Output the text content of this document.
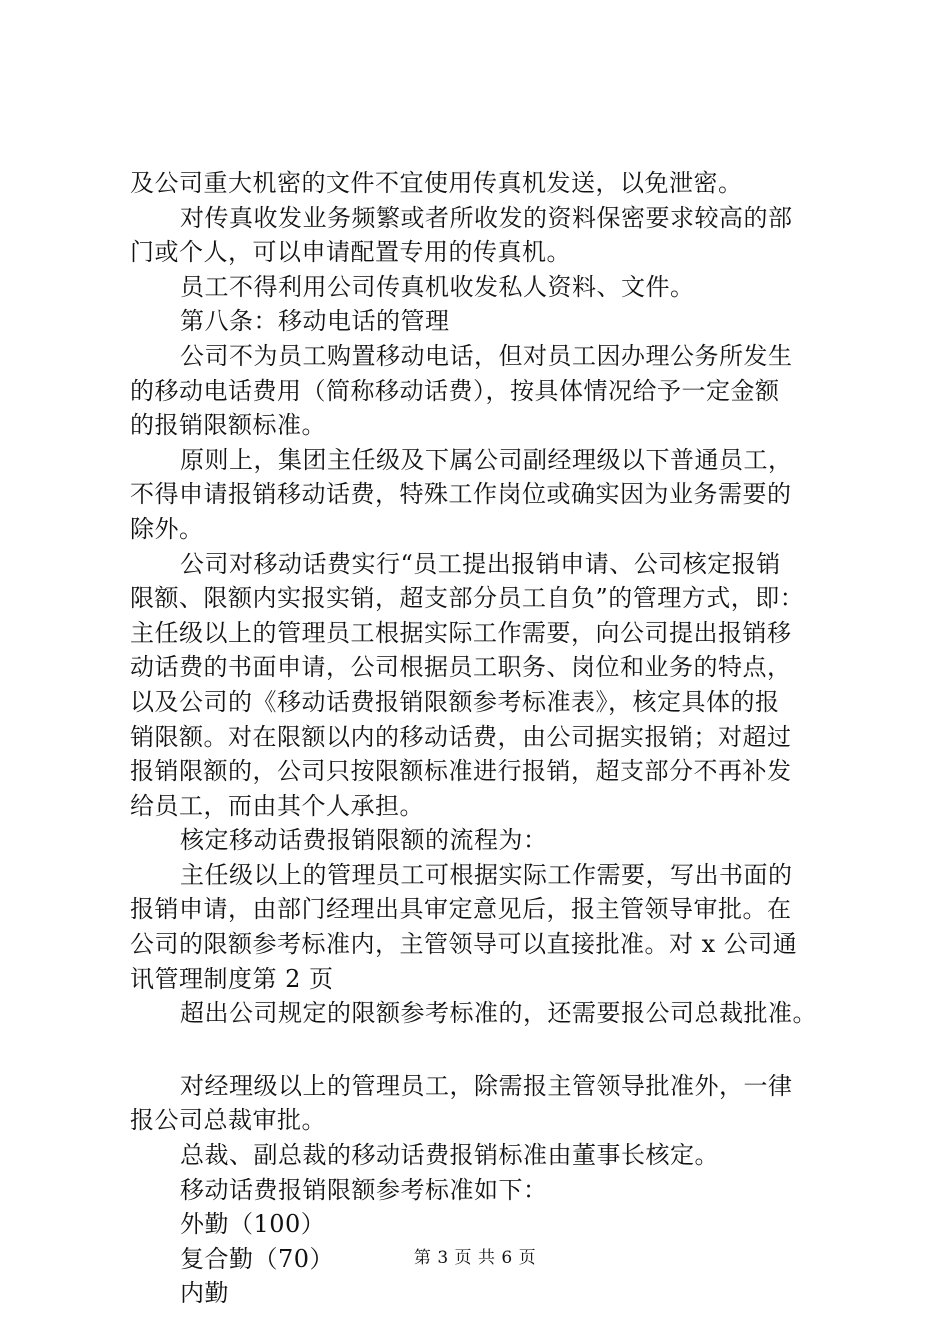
及公司重大机密的文件不宜使用传真机发送，以免泄密。
对传真收发业务频繁或者所收发的资料保密要求较高的部
门或个人，可以申请配置专用的传真机。
员工不得利用公司传真机收发私人资料、文件。
第八条：移动电话的管理
公司不为员工购置移动电话，但对员工因办理公务所发生
的移动电话费用（简称移动话费），按具体情况给予一定金额
的报销限额标准。
原则上，集团主任级及下属公司副经理级以下普通员工，
不得申请报销移动话费，特殊工作岗位或确实因为业务需要的
除外。
公司对移动话费实行“员工提出报销申请、公司核定报销
限额、限额内实报实销，超支部分员工自负”的管理方式，即：
主任级以上的管理员工根据实际工作需要，向公司提出报销移
动话费的书面申请，公司根据员工职务、岗位和业务的特点，
以及公司的《移动话费报销限额参考标准表》，核定具体的报
销限额。对在限额以内的移动话费，由公司据实报销；对超过
报销限额的，公司只按限额标准进行报销，超支部分不再补发
给员工，而由其个人承担。
核定移动话费报销限额的流程为：
主任级以上的管理员工可根据实际工作需要，写出书面的
报销申请，由部门经理出具审定意见后，报主管领导审批。在
公司的限额参考标准内，主管领导可以直接批准。对 x 公司通
讯管理制度第 2 页
超出公司规定的限额参考标准的，还需要报公司总裁批准。
对经理级以上的管理员工，除需报主管领导批准外，一律
报公司总裁审批。
总裁、副总裁的移动话费报销标准由董事长核定。
移动话费报销限额参考标准如下：
外勤（100）
复合勤（70）
内勤
第 3 页 共 6 页
